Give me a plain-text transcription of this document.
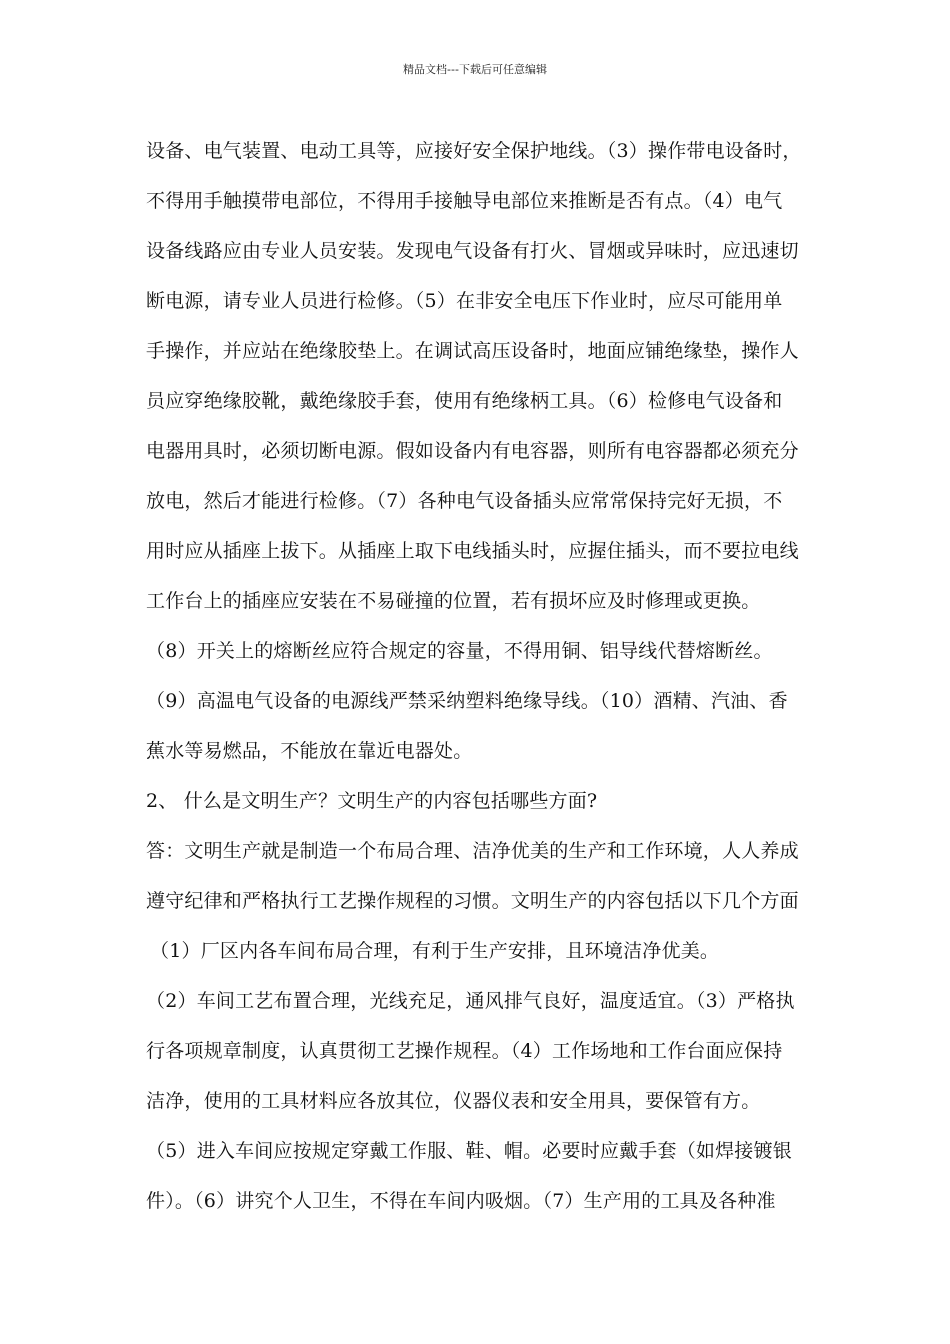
精品文档---下载后可任意编辑
设备、电气装置、电动工具等，应接好安全保护地线。（3）操作带电设备时，
不得用手触摸带电部位，不得用手接触导电部位来推断是否有点。（4）电气
设备线路应由专业人员安装。发现电气设备有打火、冒烟或异味时，应迅速切
断电源，请专业人员进行检修。（5）在非安全电压下作业时，应尽可能用单
手操作，并应站在绝缘胶垫上。在调试高压设备时，地面应铺绝缘垫，操作人
员应穿绝缘胶靴，戴绝缘胶手套，使用有绝缘柄工具。（6）检修电气设备和
电器用具时，必须切断电源。假如设备内有电容器，则所有电容器都必须充分
放电，然后才能进行检修。（7）各种电气设备插头应常常保持完好无损，不
用时应从插座上拔下。从插座上取下电线插头时，应握住插头，而不要拉电线
工作台上的插座应安装在不易碰撞的位置，若有损坏应及时修理或更换。
（8）开关上的熔断丝应符合规定的容量，不得用铜、铝导线代替熔断丝。
（9）高温电气设备的电源线严禁采纳塑料绝缘导线。（10）酒精、汽油、香
蕉水等易燃品，不能放在靠近电器处。
2、 什么是文明生产？文明生产的内容包括哪些方面?
答：文明生产就是制造一个布局合理、洁净优美的生产和工作环境，人人养成
遵守纪律和严格执行工艺操作规程的习惯。文明生产的内容包括以下几个方面
（1）厂区内各车间布局合理，有利于生产安排，且环境洁净优美。
（2）车间工艺布置合理，光线充足，通风排气良好，温度适宜。（3）严格执
行各项规章制度，认真贯彻工艺操作规程。（4）工作场地和工作台面应保持
洁净，使用的工具材料应各放其位，仪器仪表和安全用具，要保管有方。
（5）进入车间应按规定穿戴工作服、鞋、帽。必要时应戴手套（如焊接镀银
件）。（6）讲究个人卫生，不得在车间内吸烟。（7）生产用的工具及各种准
